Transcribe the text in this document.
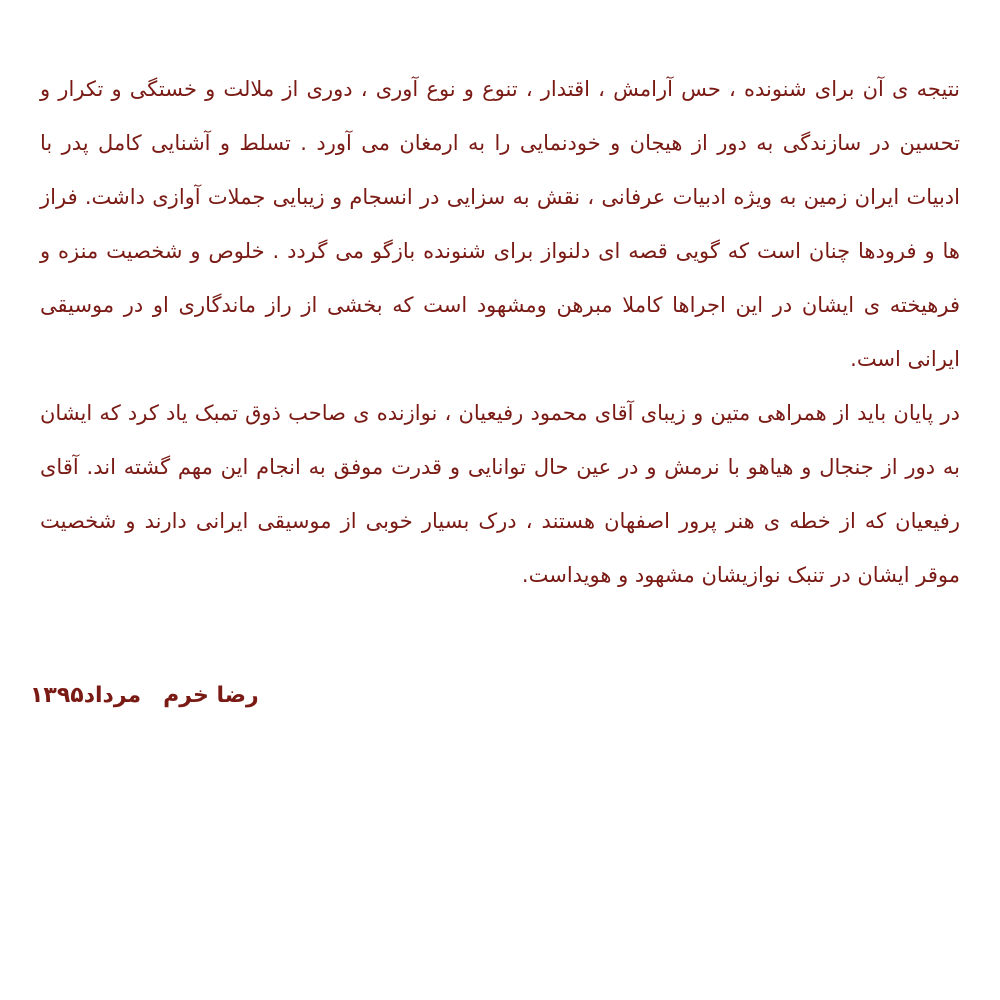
نتیجه ی آن برای شنونده ، حس آرامش ، اقتدار ، تنوع و نوع آوری ، دوری از ملالت و خستگی و تکرار و تحسین در سازندگی به دور از هیجان و خودنمایی را به ارمغان می آورد . تسلط و آشنایی کامل پدر با ادبیات ایران زمین به ویژه ادبیات عرفانی ، نقش به سزایی در انسجام و زیبایی جملات آوازی داشت. فراز ها و فرودها چنان است که گویی قصه ای دلنواز برای شنونده بازگو می گردد . خلوص و شخصیت منزه و فرهیخته ی ایشان در این اجراها کاملا مبرهن ومشهود است که بخشی از راز ماندگاری او در موسیقی ایرانی است.

در پایان باید از همراهی متین و زیبای آقای محمود رفیعیان ، نوازنده ی صاحب ذوق تمبک یاد کرد که ایشان به دور از جنجال و هیاهو با نرمش و در عین حال توانایی و قدرت موفق به انجام این مهم گشته اند. آقای رفیعیان که از خطه ی هنر پرور اصفهان هستند ، درک بسیار خوبی از موسیقی ایرانی دارند و شخصیت موقر ایشان در تنبک نوازیشان مشهود و هویداست.

رضا خرممرداد۱۳۹۵
